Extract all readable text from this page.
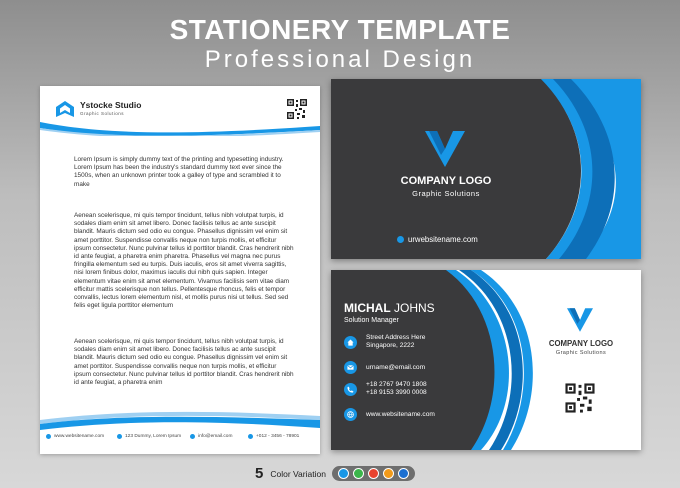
STATIONERY TEMPLATE
Professional Design
Ystocke Studio
Graphic Solutions
Lorem Ipsum is simply dummy text of the printing and typesetting industry. Lorem Ipsum has been the industry's standard dummy text ever since the 1500s, when an unknown printer took a galley of type and scrambled it to make
Aenean scelerisque, mi quis tempor tincidunt, tellus nibh volutpat turpis, id sodales diam enim sit amet libero. Donec facilisis tellus ac ante suscipit blandit. Mauris dictum sed odio eu congue. Phasellus dignissim vel enim sit amet porttitor. Suspendisse convallis neque non turpis mollis, et efficitur ipsum consectetur. Nunc pulvinar tellus id porttitor blandit. Cras hendrerit nibh id ante feugiat, a pharetra enim pharetra. Phasellus vel magna nec purus fringilla elementum sed eu turpis. Duis iaculis, eros sit amet viverra sagittis, nisi lorem finibus dolor, maximus iaculis dui nibh quis sapien. Integer elementum vitae enim sit amet elementum. Vivamus facilisis sem vitae diam efficitur mattis scelerisque non tellus. Pellentesque rhoncus, felis et tempor convallis, lectus lorem elementum nisl, et mollis purus nisi ut tellus. Sed sed felis eget ligula porttitor elementum
Aenean scelerisque, mi quis tempor tincidunt, tellus nibh volutpat turpis, id sodales diam enim sit amet libero. Donec facilisis tellus ac ante suscipit blandit. Mauris dictum sed odio eu congue. Phasellus dignissim vel enim sit amet porttitor. Suspendisse convallis neque non turpis mollis, et efficitur ipsum consectetur. Nunc pulvinar tellus id porttitor blandit. Cras hendrerit nibh id ante feugiat, a pharetra enim
www.websitename.com	123 Dummy, Lorem Ipsum	info@email.com	+012 - 3456 - 78901
COMPANY LOGO
Graphic Solutions
urwebsitename.com
MICHAL JOHNS
Solution Manager
Street Address Here
Singapore, 2222
urname@email.com
+18 2767 9470 1808
+18 9153 3990 0008
www.websitename.com
COMPANY LOGO
Graphic Solutions
5 Color Variation
